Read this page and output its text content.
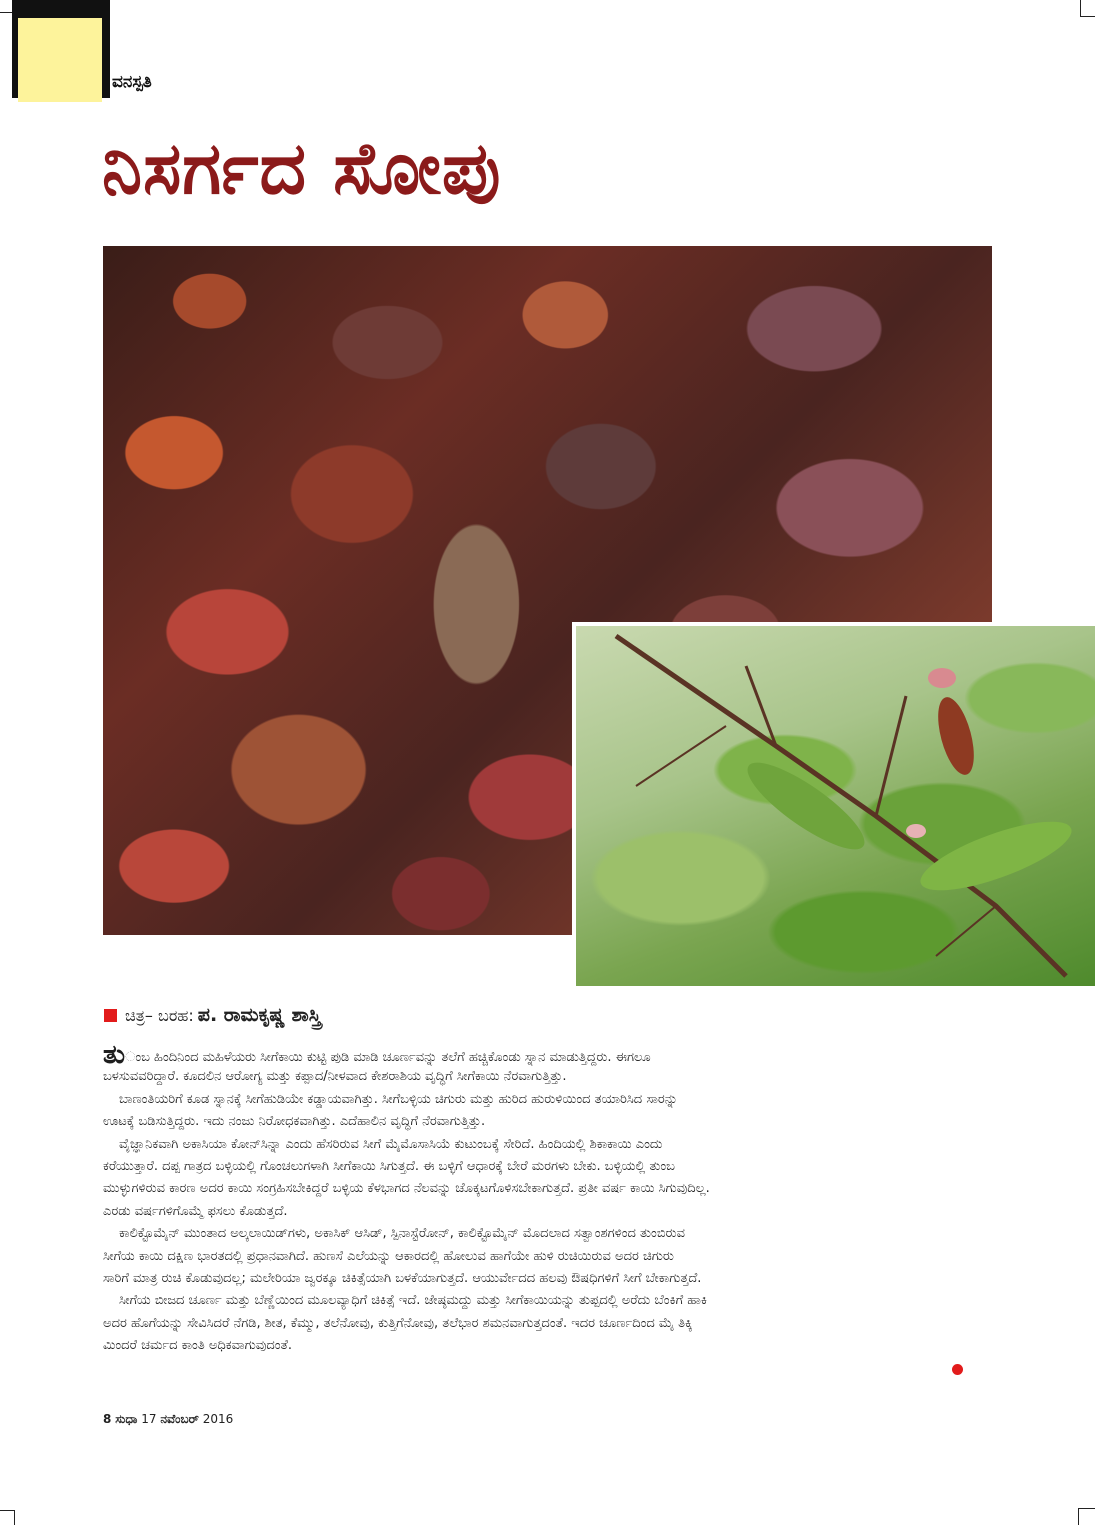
ವನಸ್ಪತಿ
ನಿಸರ್ಗದ ಸೋಪು
ಚಿತ್ರ– ಬರಹ: ಪ. ರಾಮಕೃಷ್ಣ ಶಾಸ್ತ್ರಿ
ತುಂಬ ಹಿಂದಿನಿಂದ ಮಹಿಳೆಯರು ಸೀಗೆಕಾಯಿ ಕುಟ್ಟಿ ಪುಡಿ ಮಾಡಿ ಚೂರ್ಣವನ್ನು ತಲೆಗೆ ಹಚ್ಚಿಕೊಂಡು ಸ್ನಾನ ಮಾಡುತ್ತಿದ್ದರು. ಈಗಲೂ
ಬಳಸುವವರಿದ್ದಾರೆ. ಕೂದಲಿನ ಆರೋಗ್ಯ ಮತ್ತು ಕಪ್ಪಾದ/ನೀಳವಾದ ಕೇಶರಾಶಿಯ ವೃದ್ಧಿಗೆ ಸೀಗೆಕಾಯಿ ನೆರವಾಗುತ್ತಿತ್ತು.
ಬಾಣಂತಿಯರಿಗೆ ಕೂಡ ಸ್ನಾನಕ್ಕೆ ಸೀಗೆಹುಡಿಯೇ ಕಡ್ಡಾಯವಾಗಿತ್ತು. ಸೀಗೆಬಳ್ಳಿಯ ಚಿಗುರು ಮತ್ತು ಹುರಿದ ಹುರುಳಿಯಿಂದ ತಯಾರಿಸಿದ ಸಾರನ್ನು
ಊಟಕ್ಕೆ ಬಡಿಸುತ್ತಿದ್ದರು. ಇದು ನಂಜು ನಿರೋಧಕವಾಗಿತ್ತು. ಎದೆಹಾಲಿನ ವೃದ್ಧಿಗೆ ನೆರವಾಗುತ್ತಿತ್ತು.
ವೈಜ್ಞಾನಿಕವಾಗಿ ಅಕಾಸಿಯಾ ಕೋನ್‌ಸಿನ್ನಾ ಎಂದು ಹೆಸರಿರುವ ಸೀಗೆ ಮೈಮೊಸಾಸಿಯೆ ಕುಟುಂಬಕ್ಕೆ ಸೇರಿದೆ. ಹಿಂದಿಯಲ್ಲಿ ಶಿಕಾಕಾಯಿ ಎಂದು
ಕರೆಯುತ್ತಾರೆ. ದಪ್ಪ ಗಾತ್ರದ ಬಳ್ಳಿಯಲ್ಲಿ ಗೊಂಚಲುಗಳಾಗಿ ಸೀಗೆಕಾಯಿ ಸಿಗುತ್ತದೆ. ಈ ಬಳ್ಳಿಗೆ ಆಧಾರಕ್ಕೆ ಬೇರೆ ಮರಗಳು ಬೇಕು. ಬಳ್ಳಿಯಲ್ಲಿ ತುಂಬ
ಮುಳ್ಳುಗಳಿರುವ ಕಾರಣ ಅದರ ಕಾಯಿ ಸಂಗ್ರಹಿಸಬೇಕಿದ್ದರೆ ಬಳ್ಳಿಯ ಕೆಳಭಾಗದ ನೆಲವನ್ನು ಚೊಕ್ಕಟಗೊಳಿಸಬೇಕಾಗುತ್ತದೆ. ಪ್ರತೀ ವರ್ಷ ಕಾಯಿ ಸಿಗುವುದಿಲ್ಲ.
ಎರಡು ವರ್ಷಗಳಿಗೊಮ್ಮೆ ಫಸಲು ಕೊಡುತ್ತದೆ.
ಕಾಲಿಕ್ಟೊಮೈನ್ ಮುಂತಾದ ಅಲ್ಕಲಾಯಿಡ್‌ಗಳು, ಅಕಾಸಿಕ್ ಆಸಿಡ್, ಸ್ಪಿನಾಸ್ಟೆರೋನ್, ಕಾಲಿಕ್ಟೊಮೈನ್ ಮೊದಲಾದ ಸತ್ವಾಂಶಗಳಿಂದ ತುಂಬಿರುವ
ಸೀಗೆಯ ಕಾಯಿ ದಕ್ಷಿಣ ಭಾರತದಲ್ಲಿ ಪ್ರಧಾನವಾಗಿದೆ. ಹುಣಸೆ ಎಲೆಯನ್ನು ಆಕಾರದಲ್ಲಿ ಹೋಲುವ ಹಾಗೆಯೇ ಹುಳಿ ರುಚಿಯಿರುವ ಅದರ ಚಿಗುರು
ಸಾರಿಗೆ ಮಾತ್ರ ರುಚಿ ಕೊಡುವುದಲ್ಲ; ಮಲೇರಿಯಾ ಜ್ವರಕ್ಕೂ ಚಿಕಿತ್ಸೆಯಾಗಿ ಬಳಕೆಯಾಗುತ್ತದೆ. ಆಯುರ್ವೇದದ ಹಲವು ಔಷಧಿಗಳಿಗೆ ಸೀಗೆ ಬೇಕಾಗುತ್ತದೆ.
ಸೀಗೆಯ ಬೀಜದ ಚೂರ್ಣ ಮತ್ತು ಬೆಣ್ಣೆಯಿಂದ ಮೂಲವ್ಯಾಧಿಗೆ ಚಿಕಿತ್ಸೆ ಇದೆ. ಜೇಷ್ಠಮದ್ದು ಮತ್ತು ಸೀಗೆಕಾಯಿಯನ್ನು ತುಪ್ಪದಲ್ಲಿ ಅರೆದು ಬೆಂಕಿಗೆ ಹಾಕಿ
ಅದರ ಹೊಗೆಯನ್ನು ಸೇವಿಸಿದರೆ ನೆಗಡಿ, ಶೀತ, ಕೆಮ್ಮು, ತಲೆನೋವು, ಕುತ್ತಿಗೆನೋವು, ತಲೆಭಾರ ಶಮನವಾಗುತ್ತದಂತೆ. ಇದರ ಚೂರ್ಣದಿಂದ ಮೈ ತಿಕ್ಕಿ
ಮಿಂದರೆ ಚರ್ಮದ ಕಾಂತಿ ಅಧಿಕವಾಗುವುದಂತೆ.
8 ಸುಧಾ 17 ನವೆಂಬರ್ 2016
